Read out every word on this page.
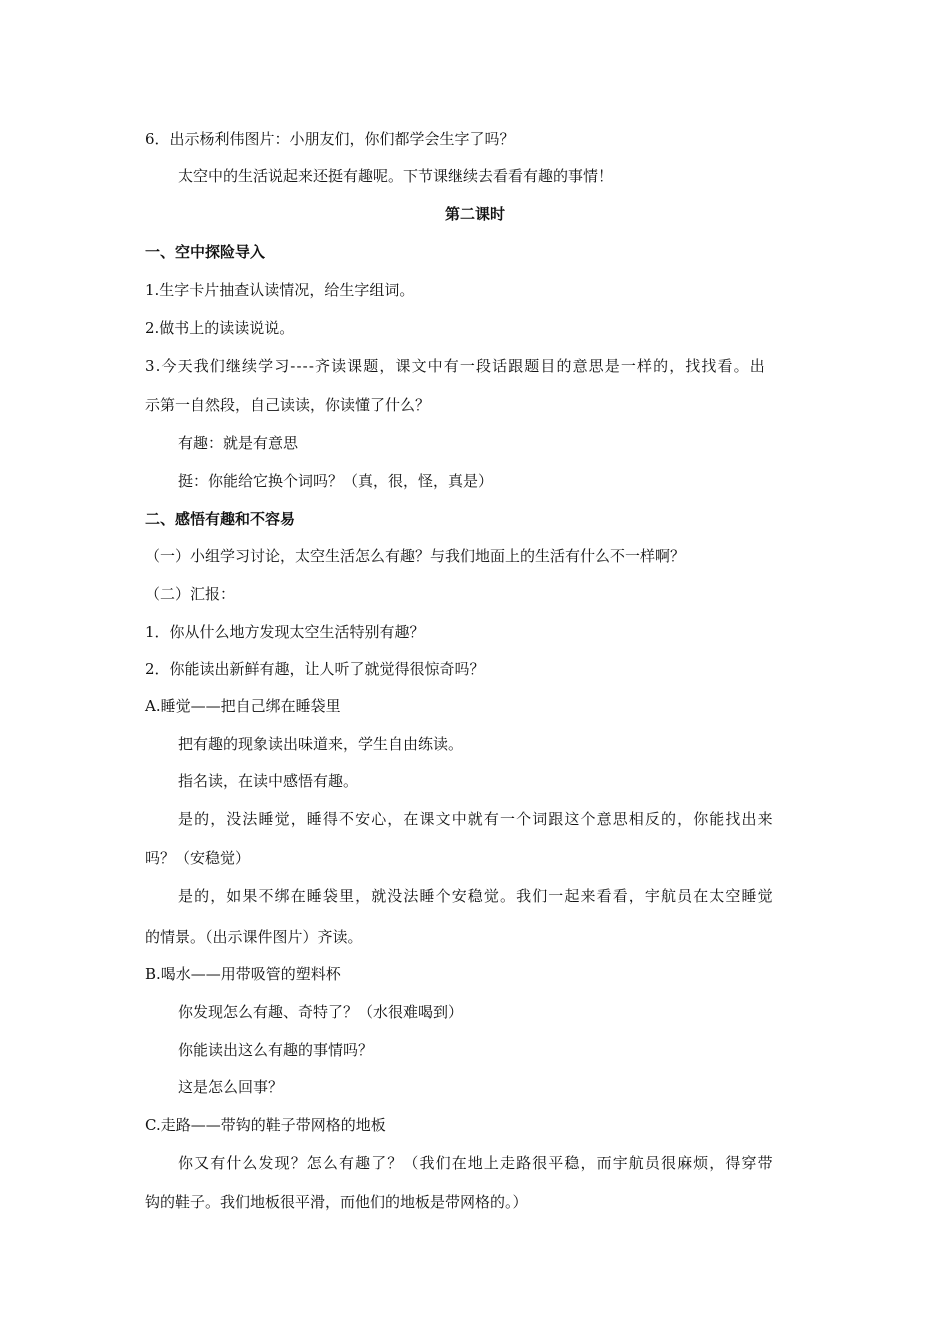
6．出示杨利伟图片：小朋友们，你们都学会生字了吗？
太空中的生活说起来还挺有趣呢。下节课继续去看看有趣的事情！
第二课时
一、空中探险导入
1.生字卡片抽查认读情况，给生字组词。
2.做书上的读读说说。
3.今天我们继续学习----齐读课题，课文中有一段话跟题目的意思是一样的，找找看。出
示第一自然段，自己读读，你读懂了什么？
有趣：就是有意思
挺：你能给它换个词吗？（真，很，怪，真是）
二、感悟有趣和不容易
（一）小组学习讨论，太空生活怎么有趣？与我们地面上的生活有什么不一样啊？
（二）汇报：
1．你从什么地方发现太空生活特别有趣？
2．你能读出新鲜有趣，让人听了就觉得很惊奇吗？
A.睡觉——把自己绑在睡袋里
把有趣的现象读出味道来，学生自由练读。
指名读，在读中感悟有趣。
是的，没法睡觉，睡得不安心，在课文中就有一个词跟这个意思相反的，你能找出来
吗？（安稳觉）
是的，如果不绑在睡袋里，就没法睡个安稳觉。我们一起来看看，宇航员在太空睡觉
的情景。（出示课件图片）齐读。
B.喝水——用带吸管的塑料杯
你发现怎么有趣、奇特了？（水很难喝到）
你能读出这么有趣的事情吗？
这是怎么回事？
C.走路——带钩的鞋子带网格的地板
你又有什么发现？怎么有趣了？（我们在地上走路很平稳，而宇航员很麻烦，得穿带
钩的鞋子。我们地板很平滑，而他们的地板是带网格的。）
